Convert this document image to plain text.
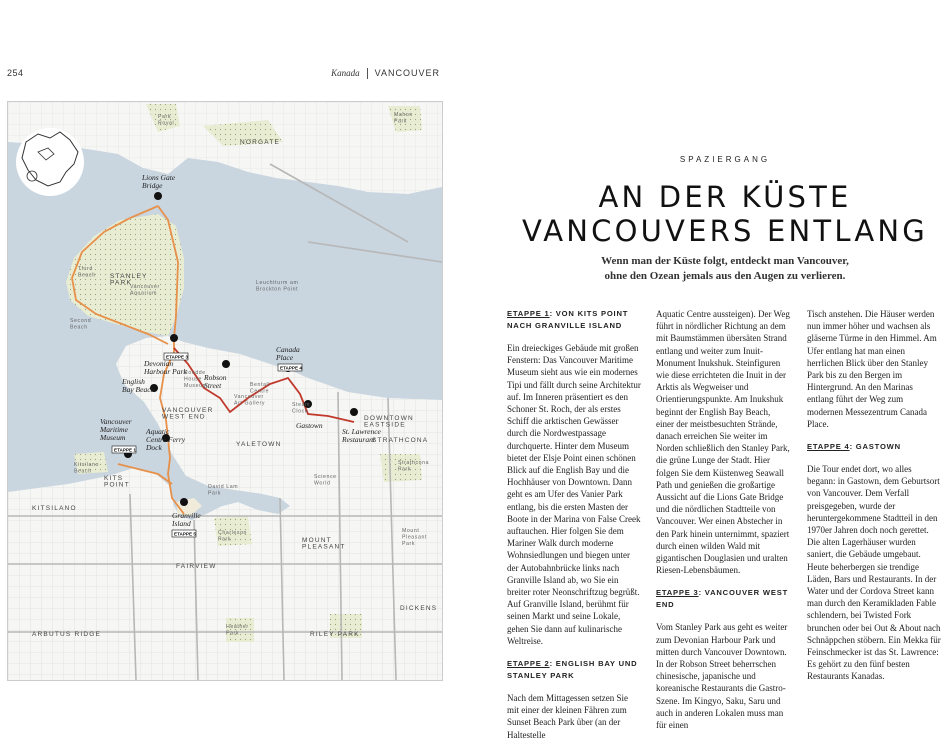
254	Kanada VANCOUVER
ETAPPE 3
ETAPPE 4
ETAPPE 1
ETAPPE 5
Park Royal
NORGATE
Mahon Park
Lions Gate Bridge
Third Beach STANLEY PARK
Vancouver Aquarium
Leuchtturm am Brockton Point
Second Beach
Canada Place
Devonian Harbour Park
Robson Street
English Bay Beach
VANCOUVER WEST END
Gastown
DOWNTOWN EASTSIDE
St. Lawrence Restaurant
Vancouver Maritime Museum
Aquatic Centre Ferry Dock
Kitsilano Beach
KITS POINT
YALETOWN
STRATHCONA
Strathcona Park
David Lam Park
Science World
Granville Island
KITSILANO
Charleson Park	MOUNT PLEASANT
FAIRVIEW
DICKENS
ARBUTUS RIDGE
Heather Park	RILEY PARK
Vancouver Art Gallery
Roedde House Museum	Bentall Centre
Steam Clock
Mount Pleasant Park
SPAZIERGANG
AN DER KÜSTE
VANCOUVERS ENTLANG
Wenn man der Küste folgt, entdeckt man Vancouver,
ohne den Ozean jemals aus den Augen zu verlieren.
ETAPPE 1: VON KITS POINT NACH GRANVILLE ISLAND

Ein dreieckiges Gebäude mit großen Fenstern: Das Vancouver Maritime Museum sieht aus wie ein modernes Tipi und fällt durch seine Architektur auf. Im Inneren präsentiert es den Schoner St. Roch, der als erstes Schiff die arktischen Gewässer durch die Nordwestpassage durchquerte. Hinter dem Museum bietet der Elsje Point einen schönen Blick auf die English Bay und die Hochhäuser von Downtown. Dann geht es am Ufer des Vanier Park entlang, bis die ersten Masten der Boote in der Marina von False Creek auftauchen. Hier folgen Sie dem Mariner Walk durch moderne Wohnsiedlungen und biegen unter der Autobahnbrücke links nach Granville Island ab, wo Sie ein breiter roter Neonschriftzug begrüßt. Auf Granville Island, berühmt für seinen Markt und seine Lokale, gehen Sie dann auf kulinarische Weltreise.

ETAPPE 2: ENGLISH BAY UND STANLEY PARK

Nach dem Mittagessen setzen Sie mit einer der kleinen Fähren zum Sunset Beach Park über (an der Haltestelle

Aquatic Centre aussteigen). Der Weg führt in nördlicher Richtung an dem mit Baumstämmen übersäten Strand entlang und weiter zum Inuit-Monument Inukshuk. Steinfiguren wie diese errichteten die Inuit in der Arktis als Wegweiser und Orientierungspunkte. Am Inukshuk beginnt der English Bay Beach, einer der meistbesuchten Strände, danach erreichen Sie weiter im Norden schließlich den Stanley Park, die grüne Lunge der Stadt. Hier folgen Sie dem Küstenweg Seawall Path und genießen die großartige Aussicht auf die Lions Gate Bridge und die nördlichen Stadtteile von Vancouver. Wer einen Abstecher in den Park hinein unternimmt, spaziert durch einen wilden Wald mit gigantischen Douglasien und uralten Riesen-Lebensbäumen.

ETAPPE 3: VANCOUVER WEST END

Vom Stanley Park aus geht es weiter zum Devonian Harbour Park und mitten durch Vancouver Downtown. In der Robson Street beherrschen chinesische, japanische und koreanische Restaurants die Gastro-Szene. Im Kingyo, Saku, Saru und auch in anderen Lokalen muss man für einen

Tisch anstehen. Die Häuser werden nun immer höher und wachsen als gläserne Türme in den Himmel. Am Ufer entlang hat man einen herrlichen Blick über den Stanley Park bis zu den Bergen im Hintergrund. An den Marinas entlang führt der Weg zum modernen Messezentrum Canada Place.

ETAPPE 4: GASTOWN

Die Tour endet dort, wo alles begann: in Gastown, dem Geburtsort von Vancouver. Dem Verfall preisgegeben, wurde der heruntergekommene Stadtteil in den 1970er Jahren doch noch gerettet. Die alten Lagerhäuser wurden saniert, die Gebäude umgebaut. Heute beherbergen sie trendige Läden, Bars und Restaurants. In der Water und der Cordova Street kann man durch den Keramikladen Fable schlendern, bei Twisted Fork brunchen oder bei Out & About nach Schnäppchen stöbern. Ein Mekka für Feinschmecker ist das St. Lawrence: Es gehört zu den fünf besten Restaurants Kanadas.
